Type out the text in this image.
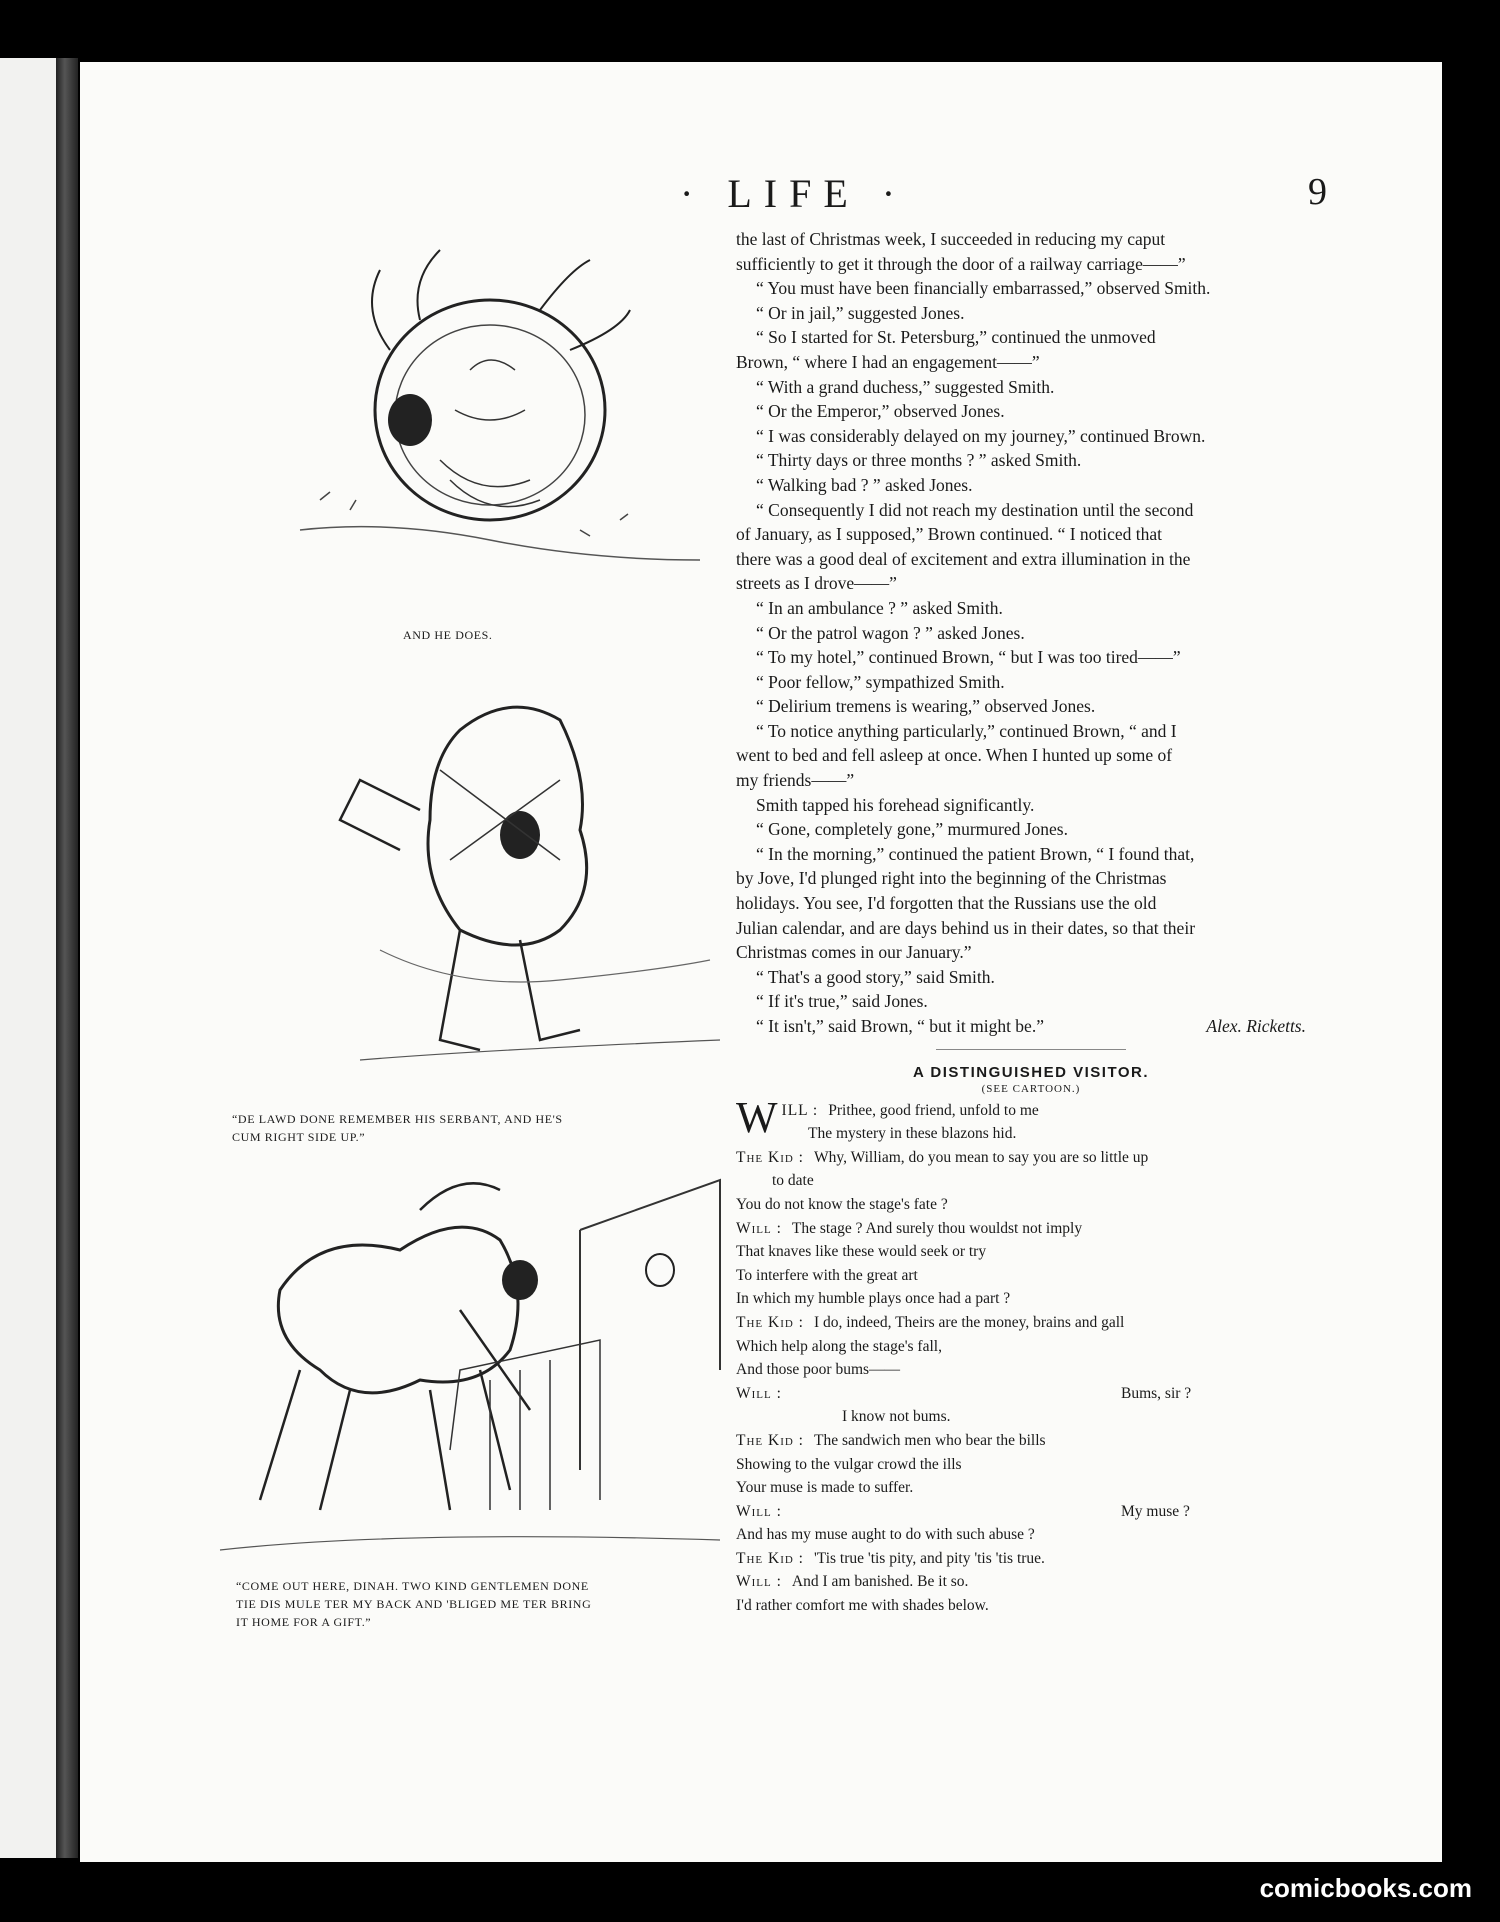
· LIFE ·	9
AND HE DOES.
“DE LAWD DONE REMEMBER HIS SERBANT, AND HE'S
CUM RIGHT SIDE UP.”
“COME OUT HERE, DINAH. TWO KIND GENTLEMEN DONE
TIE DIS MULE TER MY BACK AND 'BLIGED ME TER BRING
IT HOME FOR A GIFT.”

the last of Christmas week, I succeeded in reducing my caput

sufficiently to get it through the door of a railway carriage——”

“ You must have been financially embarrassed,” observed Smith.

“ Or in jail,” suggested Jones.

“ So I started for St. Petersburg,” continued the unmoved

Brown, “ where I had an engagement——”

“ With a grand duchess,” suggested Smith.

“ Or the Emperor,” observed Jones.

“ I was considerably delayed on my journey,” continued Brown.

“ Thirty days or three months ? ” asked Smith.

“ Walking bad ? ” asked Jones.

“ Consequently I did not reach my destination until the second

of January, as I supposed,” Brown continued. “ I noticed that

there was a good deal of excitement and extra illumination in the

streets as I drove——”

“ In an ambulance ? ” asked Smith.

“ Or the patrol wagon ? ” asked Jones.

“ To my hotel,” continued Brown, “ but I was too tired——”

“ Poor fellow,” sympathized Smith.

“ Delirium tremens is wearing,” observed Jones.

“ To notice anything particularly,” continued Brown, “ and I

went to bed and fell asleep at once. When I hunted up some of

my friends——”

Smith tapped his forehead significantly.

“ Gone, completely gone,” murmured Jones.

“ In the morning,” continued the patient Brown, “ I found that,

by Jove, I'd plunged right into the beginning of the Christmas

holidays. You see, I'd forgotten that the Russians use the old

Julian calendar, and are days behind us in their dates, so that their

Christmas comes in our January.”

“ That's a good story,” said Smith.

“ If it's true,” said Jones.

“ It isn't,” said Brown, “ but it might be.”	Alex. Ricketts.

A DISTINGUISHED VISITOR.
(SEE CARTOON.)
WILL : Prithee, good friend, unfold to me
The mystery in these blazons hid.
The Kid : Why, William, do you mean to say you are so little up
to date
You do not know the stage's fate ?
Will : The stage ? And surely thou wouldst not imply
That knaves like these would seek or try
To interfere with the great art
In which my humble plays once had a part ?
The Kid : I do, indeed, Theirs are the money, brains and gall
Which help along the stage's fall,
And those poor bums——
Will :	Bums, sir ?
I know not bums.
The Kid : The sandwich men who bear the bills
Showing to the vulgar crowd the ills
Your muse is made to suffer.
Will :	My muse ?
And has my muse aught to do with such abuse ?
The Kid : 'Tis true 'tis pity, and pity 'tis 'tis true.
Will : And I am banished. Be it so.
I'd rather comfort me with shades below.
comicbooks.com
